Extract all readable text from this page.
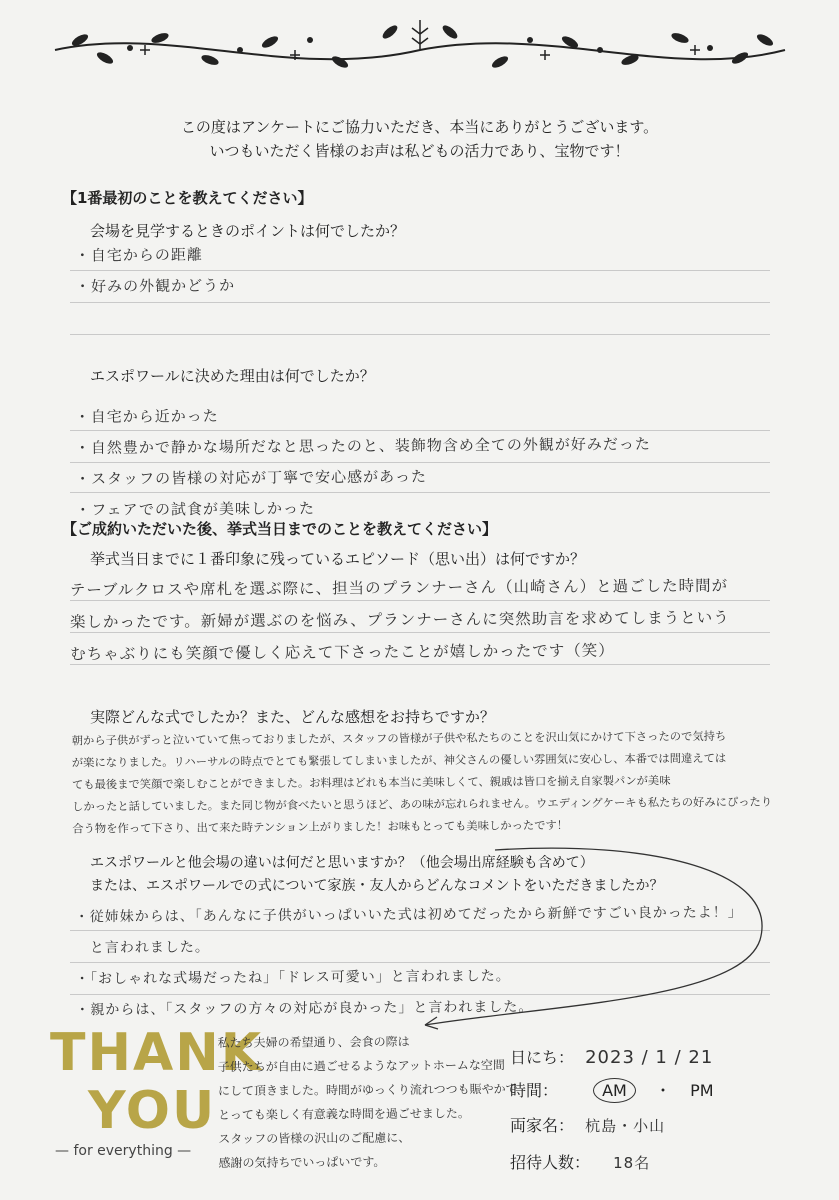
この度はアンケートにご協力いただき、本当にありがとうございます。
いつもいただく皆様のお声は私どもの活力であり、宝物です！
【1番最初のことを教えてください】
会場を見学するときのポイントは何でしたか？
・自宅からの距離
・好みの外観かどうか
エスポワールに決めた理由は何でしたか？
・自宅から近かった
・自然豊かで静かな場所だなと思ったのと、装飾物含め全ての外観が好みだった
・スタッフの皆様の対応が丁寧で安心感があった
・フェアでの試食が美味しかった
【ご成約いただいた後、挙式当日までのことを教えてください】
挙式当日までに１番印象に残っているエピソード（思い出）は何ですか？
テーブルクロスや席札を選ぶ際に、担当のプランナーさん（山崎さん）と過ごした時間が
楽しかったです。新婦が選ぶのを悩み、プランナーさんに突然助言を求めてしまうという
むちゃぶりにも笑顔で優しく応えて下さったことが嬉しかったです（笑）
実際どんな式でしたか？また、どんな感想をお持ちですか？
朝から子供がずっと泣いていて焦っておりましたが、スタッフの皆様が子供や私たちのことを沢山気にかけて下さったので気持ち
が楽になりました。リハーサルの時点でとても緊張してしまいましたが、神父さんの優しい雰囲気に安心し、本番では間違えては
ても最後まで笑顔で楽しむことができました。お料理はどれも本当に美味しくて、親戚は皆口を揃え自家製パンが美味
しかったと話していました。また同じ物が食べたいと思うほど、あの味が忘れられません。ウエディングケーキも私たちの好みにぴったり
合う物を作って下さり、出て来た時テンション上がりました！お味もとっても美味しかったです！
エスポワールと他会場の違いは何だと思いますか？（他会場出席経験も含めて）
または、エスポワールでの式について家族・友人からどんなコメントをいただきましたか？
・従姉妹からは、「あんなに子供がいっぱいいた式は初めてだったから新鮮ですごい良かったよ！」
　と言われました。
・「おしゃれな式場だったね」「ドレス可愛い」と言われました。
・親からは、「スタッフの方々の対応が良かった」と言われました。
THANK
YOU
— for everything —
私たち夫婦の希望通り、会食の際は
子供たちが自由に過ごせるようなアットホームな空間
にして頂きました。時間がゆっくり流れつつも賑やかで
とっても楽しく有意義な時間を過ごせました。
スタッフの皆様の沢山のご配慮に、
感謝の気持ちでいっぱいです。
日にち： 2023 / 1 / 21
時間：	AM ・ PM
両家名： 杭島・小山
招待人数： 18名
